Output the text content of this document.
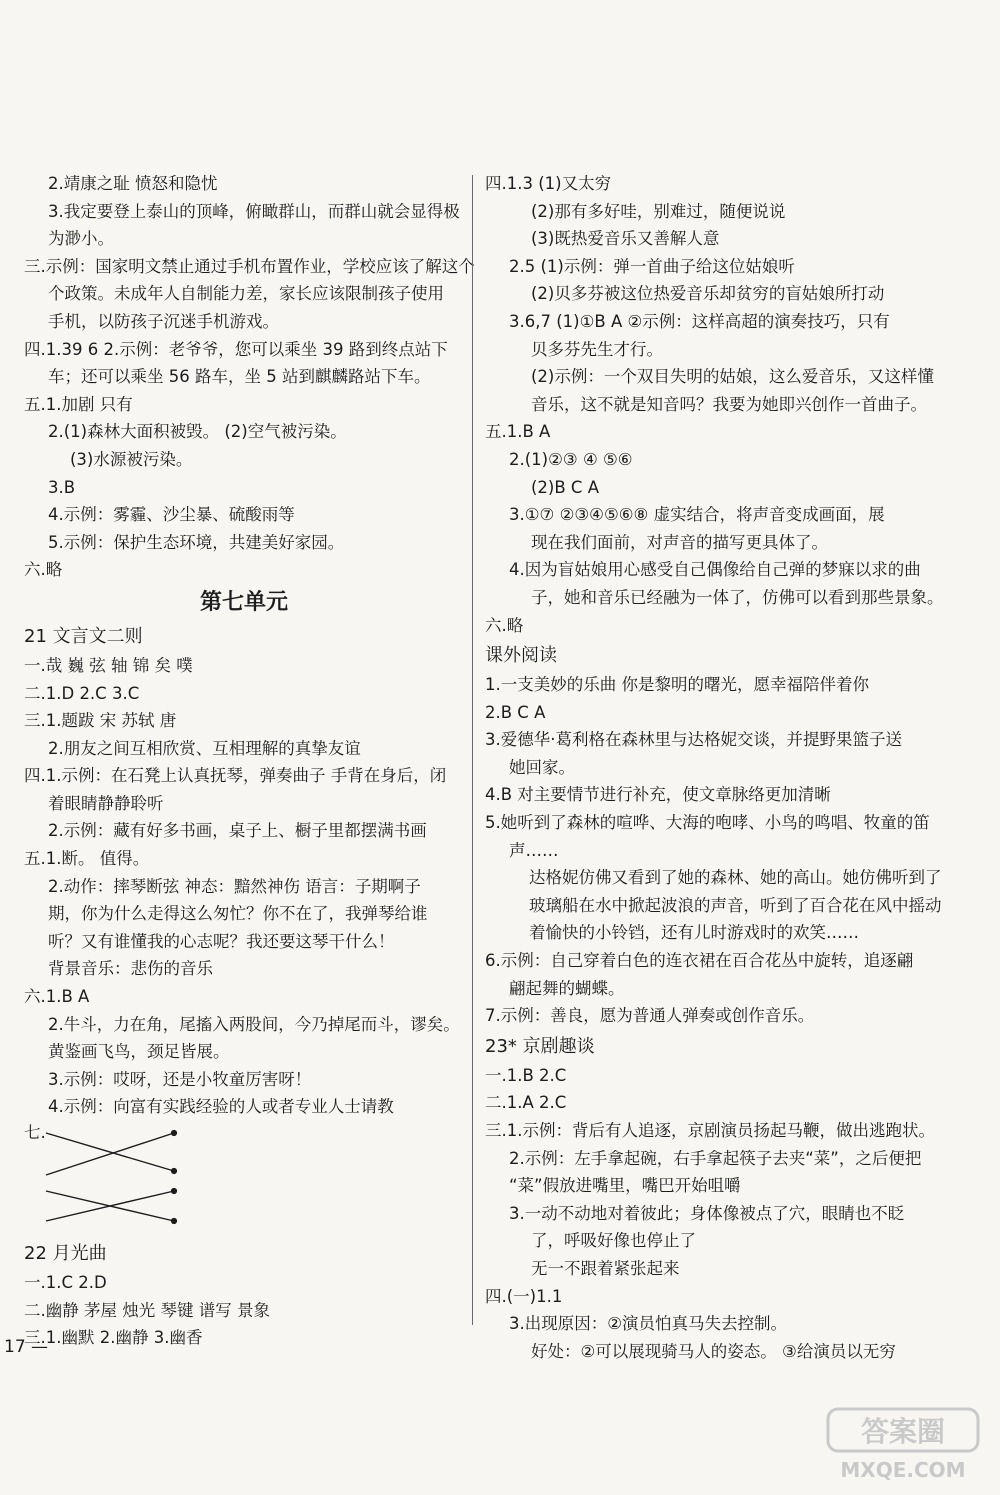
2.靖康之耻 愤怒和隐忧
3.我定要登上泰山的顶峰，俯瞰群山，而群山就会显得极
为渺小。
三.示例：国家明文禁止通过手机布置作业，学校应该了解这个
个政策。未成年人自制能力差，家长应该限制孩子使用
手机，以防孩子沉迷手机游戏。
四.1.39 6 2.示例：老爷爷，您可以乘坐 39 路到终点站下
车；还可以乘坐 56 路车，坐 5 站到麒麟路站下车。
五.1.加剧 只有
2.(1)森林大面积被毁。 (2)空气被污染。
(3)水源被污染。
3.B
4.示例：雾霾、沙尘暴、硫酸雨等
5.示例：保护生态环境，共建美好家园。
六.略
第七单元
21 文言文二则
一.哉 巍 弦 轴 锦 矣 噗
二.1.D 2.C 3.C
三.1.题跋 宋 苏轼 唐
2.朋友之间互相欣赏、互相理解的真挚友谊
四.1.示例：在石凳上认真抚琴，弹奏曲子 手背在身后，闭
着眼睛静静聆听
2.示例：藏有好多书画，桌子上、橱子里都摆满书画
五.1.断。 值得。
2.动作：摔琴断弦 神态：黯然神伤 语言：子期啊子
期，你为什么走得这么匆忙？你不在了，我弹琴给谁
听？又有谁懂我的心志呢？我还要这琴干什么！
背景音乐：悲伤的音乐
六.1.B A
2.牛斗，力在角，尾搐入两股间，今乃掉尾而斗，谬矣。
黄鉴画飞鸟，颈足皆展。
3.示例：哎呀，还是小牧童厉害呀！
4.示例：向富有实践经验的人或者专业人士请教
七.
22 月光曲
一.1.C 2.D
二.幽静 茅屋 烛光 琴键 谱写 景象
三.1.幽默 2.幽静 3.幽香
四.1.3 (1)又太穷
(2)那有多好哇，别难过，随便说说
(3)既热爱音乐又善解人意
2.5 (1)示例：弹一首曲子给这位姑娘听
(2)贝多芬被这位热爱音乐却贫穷的盲姑娘所打动
3.6,7 (1)①B A ②示例：这样高超的演奏技巧，只有
贝多芬先生才行。
(2)示例：一个双目失明的姑娘，这么爱音乐，又这样懂
音乐，这不就是知音吗？我要为她即兴创作一首曲子。
五.1.B A
2.(1)②③ ④ ⑤⑥
(2)B C A
3.①⑦ ②③④⑤⑥⑧ 虚实结合，将声音变成画面，展
现在我们面前，对声音的描写更具体了。
4.因为盲姑娘用心感受自己偶像给自己弹的梦寐以求的曲
子，她和音乐已经融为一体了，仿佛可以看到那些景象。
六.略
课外阅读
1.一支美妙的乐曲 你是黎明的曙光，愿幸福陪伴着你
2.B C A
3.爱德华·葛利格在森林里与达格妮交谈，并提野果篮子送
她回家。
4.B 对主要情节进行补充，使文章脉络更加清晰
5.她听到了森林的喧哗、大海的咆哮、小鸟的鸣唱、牧童的笛
声……
达格妮仿佛又看到了她的森林、她的高山。她仿佛听到了玻璃船在水中掀起波浪的声音，听到了百合花在风中摇动着愉快的小铃铛，还有儿时游戏时的欢笑……
6.示例：自己穿着白色的连衣裙在百合花丛中旋转，追逐翩
翩起舞的蝴蝶。
7.示例：善良，愿为普通人弹奏或创作音乐。
23* 京剧趣谈
一.1.B 2.C
二.1.A 2.C
三.1.示例：背后有人追逐，京剧演员扬起马鞭，做出逃跑状。
2.示例：左手拿起碗，右手拿起筷子去夹“菜”，之后便把
“菜”假放进嘴里，嘴巴开始咀嚼
3.一动不动地对着彼此；身体像被点了穴，眼睛也不眨
了，呼吸好像也停止了
无一不跟着紧张起来
四.(一)1.1
3.出现原因：②演员怕真马失去控制。
好处：②可以展现骑马人的姿态。 ③给演员以无穷
17 —
答案圈
MXQE.COM
